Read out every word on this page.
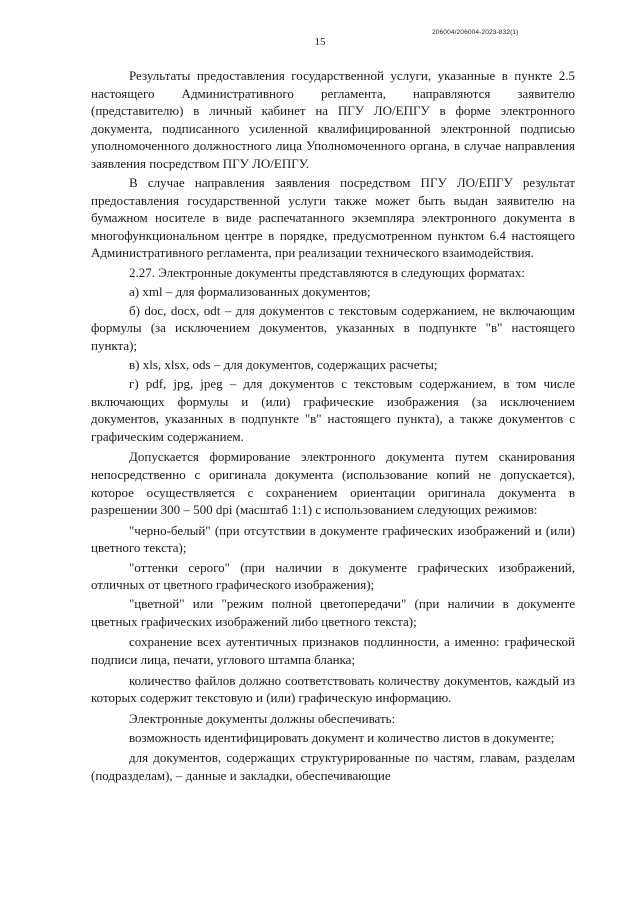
15
206004/206004-2023-832(1)

Результаты предоставления государственной услуги, указанные в пункте 2.5 настоящего Административного регламента, направляются заявителю (представителю) в личный кабинет на ПГУ ЛО/ЕПГУ в форме электронного документа, подписанного усиленной квалифицированной электронной подписью уполномоченного должностного лица Уполномоченного органа, в случае направления заявления посредством ПГУ ЛО/ЕПГУ.

В случае направления заявления посредством ПГУ ЛО/ЕПГУ результат предоставления государственной услуги также может быть выдан заявителю на бумажном носителе в виде распечатанного экземпляра электронного документа в многофункциональном центре в порядке, предусмотренном пунктом 6.4 настоящего Административного регламента, при реализации технического взаимодействия.

2.27. Электронные документы представляются в следующих форматах:

а) xml – для формализованных документов;

б) doc, docx, odt – для документов с текстовым содержанием, не включающим формулы (за исключением документов, указанных в подпункте "в" настоящего пункта);

в) xls, xlsx, ods – для документов, содержащих расчеты;

г) pdf, jpg, jpeg – для документов с текстовым содержанием, в том числе включающих формулы и (или) графические изображения (за исключением документов, указанных в подпункте "в" настоящего пункта), а также документов с графическим содержанием.

Допускается формирование электронного документа путем сканирования непосредственно с оригинала документа (использование копий не допускается), которое осуществляется с сохранением ориентации оригинала документа в разрешении 300 – 500 dpi (масштаб 1:1) с использованием следующих режимов:

"черно-белый" (при отсутствии в документе графических изображений и (или) цветного текста);

"оттенки серого" (при наличии в документе графических изображений, отличных от цветного графического изображения);

"цветной" или "режим полной цветопередачи" (при наличии в документе цветных графических изображений либо цветного текста);

сохранение всех аутентичных признаков подлинности, а именно: графической подписи лица, печати, углового штампа бланка;

количество файлов должно соответствовать количеству документов, каждый из которых содержит текстовую и (или) графическую информацию.

Электронные документы должны обеспечивать:

возможность идентифицировать документ и количество листов в документе;

для документов, содержащих структурированные по частям, главам, разделам (подразделам), – данные и закладки, обеспечивающие
